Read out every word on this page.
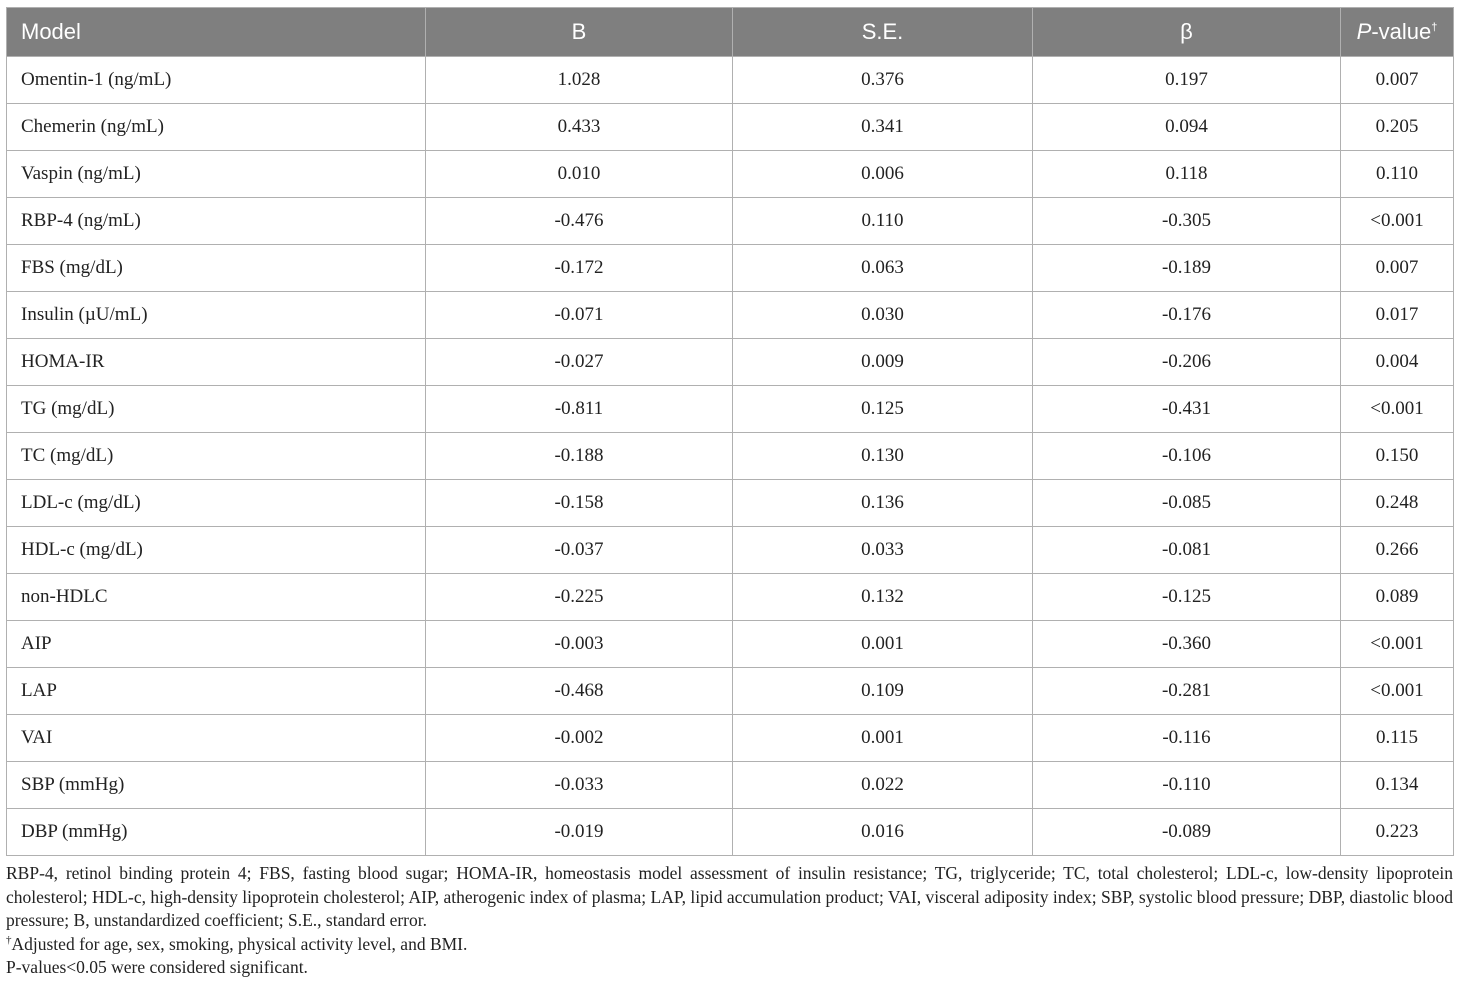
Model	B	S.E.	β	P-value†
Omentin-1 (ng/mL)	1.028	0.376	0.197	0.007
Chemerin (ng/mL)	0.433	0.341	0.094	0.205
Vaspin (ng/mL)	0.010	0.006	0.118	0.110
RBP-4 (ng/mL)	-0.476	0.110	-0.305	<0.001
FBS (mg/dL)	-0.172	0.063	-0.189	0.007
Insulin (µU/mL)	-0.071	0.030	-0.176	0.017
HOMA-IR	-0.027	0.009	-0.206	0.004
TG (mg/dL)	-0.811	0.125	-0.431	<0.001
TC (mg/dL)	-0.188	0.130	-0.106	0.150
LDL-c (mg/dL)	-0.158	0.136	-0.085	0.248
HDL-c (mg/dL)	-0.037	0.033	-0.081	0.266
non-HDLC	-0.225	0.132	-0.125	0.089
AIP	-0.003	0.001	-0.360	<0.001
LAP	-0.468	0.109	-0.281	<0.001
VAI	-0.002	0.001	-0.116	0.115
SBP (mmHg)	-0.033	0.022	-0.110	0.134
DBP (mmHg)	-0.019	0.016	-0.089	0.223

RBP-4, retinol binding protein 4; FBS, fasting blood sugar; HOMA-IR, homeostasis model assessment of insulin resistance; TG, triglyceride; TC, total cholesterol; LDL-c, low-density lipoprotein cholesterol; HDL-c, high-density lipoprotein cholesterol; AIP, atherogenic index of plasma; LAP, lipid accumulation product; VAI, visceral adiposity index; SBP, systolic blood pressure; DBP, diastolic blood pressure; B, unstandardized coefficient; S.E., standard error.

†Adjusted for age, sex, smoking, physical activity level, and BMI.

P-values<0.05 were considered significant.
